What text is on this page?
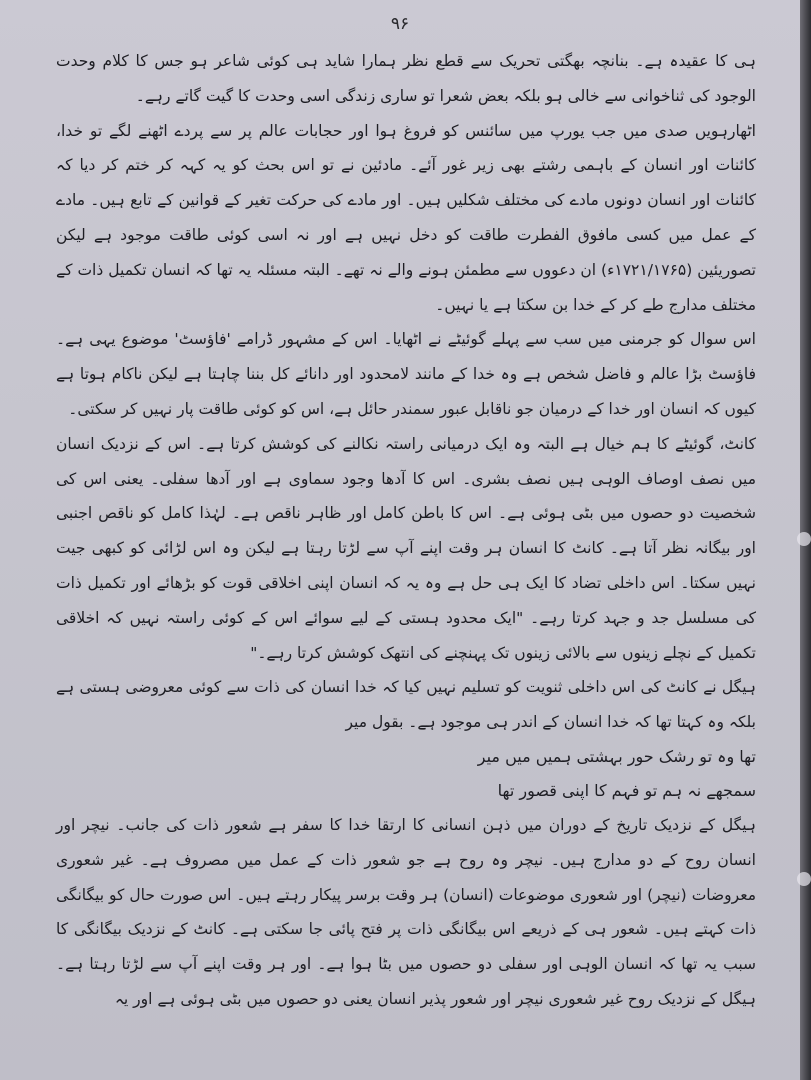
۹۶

ہی کا عقیدہ ہے۔ بنانچہ بھگتی تحریک سے قطع نظر ہمارا شاید ہی کوئی شاعر ہو جس کا کلام وحدت الوجود کی ثناخوانی سے خالی ہو بلکہ بعض شعرا تو ساری زندگی اسی وحدت کا گیت گاتے رہے۔

اٹھارہویں صدی میں جب یورپ میں سائنس کو فروغ ہوا اور حجابات عالم پر سے پردے اٹھنے لگے تو خدا، کائنات اور انسان کے باہمی رشتے بھی زیر غور آئے۔ مادئین نے تو اس بحث کو یہ کہہ کر ختم کر دیا کہ کائنات اور انسان دونوں مادے کی مختلف شکلیں ہیں۔ اور مادے کی حرکت تغیر کے قوانین کے تابع ہیں۔ مادے کے عمل میں کسی مافوق الفطرت طاقت کو دخل نہیں ہے اور نہ اسی کوئی طاقت موجود ہے لیکن تصوریئین (۱۷۲۱/۱۷۶۵ء) ان دعووں سے مطمئن ہونے والے نہ تھے۔ البتہ مسئلہ یہ تھا کہ انسان تکمیل ذات کے مختلف مدارج طے کر کے خدا بن سکتا ہے یا نہیں۔

اس سوال کو جرمنی میں سب سے پہلے گوئیٹے نے اٹھایا۔ اس کے مشہور ڈرامے 'فاؤسٹ' موضوع یہی ہے۔ فاؤسٹ بڑا عالم و فاضل شخص ہے وہ خدا کے مانند لامحدود اور دانائے کل بننا چاہتا ہے لیکن ناکام ہوتا ہے کیوں کہ انسان اور خدا کے درمیان جو ناقابل عبور سمندر حائل ہے، اس کو کوئی طاقت پار نہیں کر سکتی۔

کانٹ، گوئیٹے کا ہم خیال ہے البتہ وہ ایک درمیانی راستہ نکالنے کی کوشش کرتا ہے۔ اس کے نزدیک انسان میں نصف اوصاف الوہی ہیں نصف بشری۔ اس کا آدھا وجود سماوی ہے اور آدھا سفلی۔ یعنی اس کی شخصیت دو حصوں میں بٹی ہوئی ہے۔ اس کا باطن کامل اور ظاہر ناقص ہے۔ لہٰذا کامل کو ناقص اجنبی اور بیگانہ نظر آتا ہے۔ کانٹ کا انسان ہر وقت اپنے آپ سے لڑتا رہتا ہے لیکن وہ اس لڑائی کو کبھی جیت نہیں سکتا۔ اس داخلی تضاد کا ایک ہی حل ہے وہ یہ کہ انسان اپنی اخلاقی قوت کو بڑھائے اور تکمیل ذات کی مسلسل جد و جہد کرتا رہے۔ "ایک محدود ہستی کے لیے سوائے اس کے کوئی راستہ نہیں کہ اخلاقی تکمیل کے نچلے زینوں سے بالائی زینوں تک پہنچنے کی انتھک کوشش کرتا رہے۔"

ہیگل نے کانٹ کی اس داخلی ثنویت کو تسلیم نہیں کیا کہ خدا انسان کی ذات سے کوئی معروضی ہستی ہے بلکہ وہ کہتا تھا کہ خدا انسان کے اندر ہی موجود ہے۔ بقول میر

تھا وہ تو رشک حور بہشتی ہمیں میں میر

سمجھے نہ ہم تو فہم کا اپنی قصور تھا

ہیگل کے نزدیک تاریخ کے دوران میں ذہن انسانی کا ارتقا خدا کا سفر ہے شعور ذات کی جانب۔ نیچر اور انسان روح کے دو مدارج ہیں۔ نیچر وہ روح ہے جو شعور ذات کے عمل میں مصروف ہے۔ غیر شعوری معروضات (نیچر) اور شعوری موضوعات (انسان) ہر وقت برسر پیکار رہتے ہیں۔ اس صورت حال کو بیگانگی ذات کہتے ہیں۔ شعور ہی کے ذریعے اس بیگانگی ذات پر فتح پائی جا سکتی ہے۔ کانٹ کے نزدیک بیگانگی کا سبب یہ تھا کہ انسان الوہی اور سفلی دو حصوں میں بٹا ہوا ہے۔ اور ہر وقت اپنے آپ سے لڑتا رہتا ہے۔ ہیگل کے نزدیک روح غیر شعوری نیچر اور شعور پذیر انسان یعنی دو حصوں میں بٹی ہوئی ہے اور یہ
